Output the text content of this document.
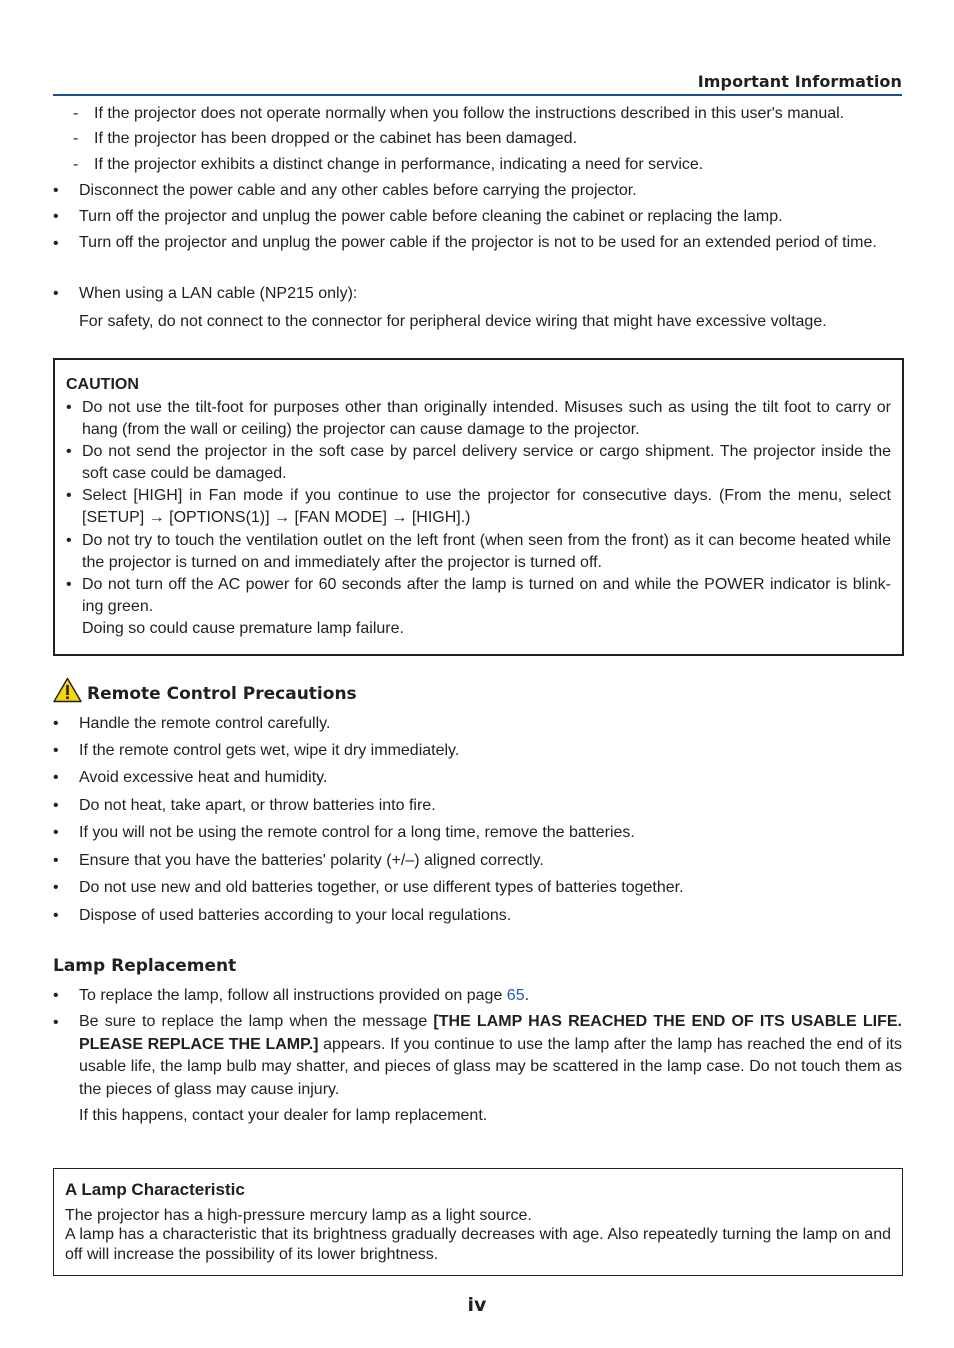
Important Information
- If the projector does not operate normally when you follow the instructions described in this user's manual.
- If the projector has been dropped or the cabinet has been damaged.
- If the projector exhibits a distinct change in performance, indicating a need for service.
• Disconnect the power cable and any other cables before carrying the projector.
• Turn off the projector and unplug the power cable before cleaning the cabinet or replacing the lamp.
• Turn off the projector and unplug the power cable if the projector is not to be used for an extended period of time.
• When using a LAN cable (NP215 only):
For safety, do not connect to the connector for peripheral device wiring that might have excessive voltage.
CAUTION
• Do not use the tilt-foot for purposes other than originally intended. Misuses such as using the tilt foot to carry or hang (from the wall or ceiling) the projector can cause damage to the projector.
• Do not send the projector in the soft case by parcel delivery service or cargo shipment. The projector inside the soft case could be damaged.
• Select [HIGH] in Fan mode if you continue to use the projector for consecutive days. (From the menu, select [SETUP] → [OPTIONS(1)] → [FAN MODE] → [HIGH].)
• Do not try to touch the ventilation outlet on the left front (when seen from the front) as it can become heated while the projector is turned on and immediately after the projector is turned off.
• Do not turn off the AC power for 60 seconds after the lamp is turned on and while the POWER indicator is blink-ing green.
Doing so could cause premature lamp failure.
Remote Control Precautions
• Handle the remote control carefully.
• If the remote control gets wet, wipe it dry immediately.
• Avoid excessive heat and humidity.
• Do not heat, take apart, or throw batteries into fire.
• If you will not be using the remote control for a long time, remove the batteries.
• Ensure that you have the batteries' polarity (+/–) aligned correctly.
• Do not use new and old batteries together, or use different types of batteries together.
• Dispose of used batteries according to your local regulations.
Lamp Replacement
• To replace the lamp, follow all instructions provided on page 65.
• Be sure to replace the lamp when the message [THE LAMP HAS REACHED THE END OF ITS USABLE LIFE. PLEASE REPLACE THE LAMP.] appears. If you continue to use the lamp after the lamp has reached the end of its usable life, the lamp bulb may shatter, and pieces of glass may be scattered in the lamp case. Do not touch them as the pieces of glass may cause injury.
If this happens, contact your dealer for lamp replacement.
A Lamp Characteristic
The projector has a high-pressure mercury lamp as a light source.
A lamp has a characteristic that its brightness gradually decreases with age. Also repeatedly turning the lamp on and off will increase the possibility of its lower brightness.
iv
